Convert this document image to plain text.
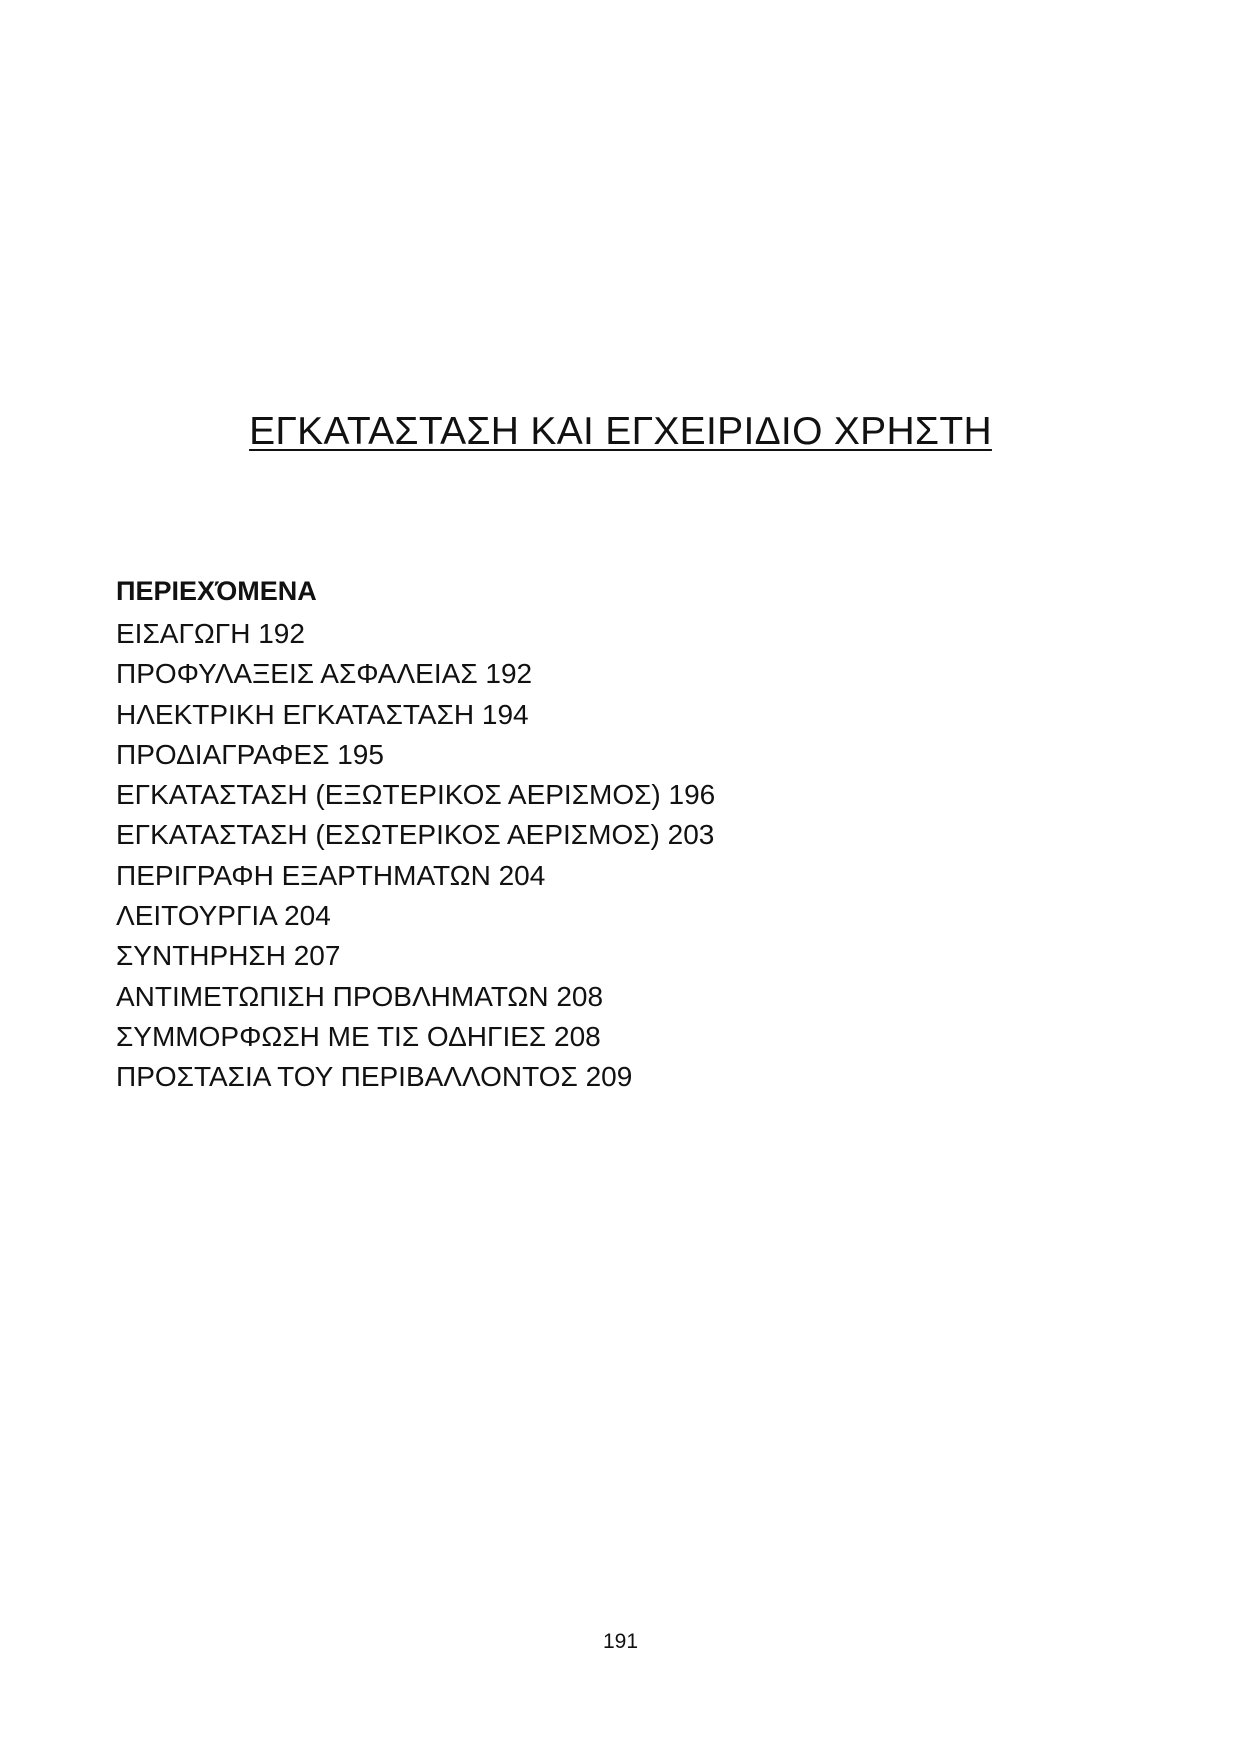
ΕΓΚΑΤΑΣΤΑΣΗ ΚΑΙ ΕΓΧΕΙΡΙΔΙΟ ΧΡΗΣΤΗ
ΠΕΡΙΕΧΌΜΕΝΑ
ΕΙΣΑΓΩΓΗ 192
ΠΡΟΦΥΛΑΞΕΙΣ ΑΣΦΑΛΕΙΑΣ 192
ΗΛΕΚΤΡΙΚΗ ΕΓΚΑΤΑΣΤΑΣΗ 194
ΠΡΟΔΙΑΓΡΑΦΕΣ 195
ΕΓΚΑΤΑΣΤΑΣΗ (ΕΞΩΤΕΡΙΚΟΣ ΑΕΡΙΣΜΟΣ) 196
ΕΓΚΑΤΑΣΤΑΣΗ (ΕΣΩΤΕΡΙΚΟΣ ΑΕΡΙΣΜΟΣ) 203
ΠΕΡΙΓΡΑΦΗ ΕΞΑΡΤΗΜΑΤΩΝ 204
ΛΕΙΤΟΥΡΓΙΑ 204
ΣΥΝΤΗΡΗΣΗ 207
ΑΝΤΙΜΕΤΩΠΙΣΗ ΠΡΟΒΛΗΜΑΤΩΝ 208
ΣΥΜΜΟΡΦΩΣΗ ΜΕ ΤΙΣ ΟΔΗΓΙΕΣ 208
ΠΡΟΣΤΑΣΙΑ ΤΟΥ ΠΕΡΙΒΑΛΛΟΝΤΟΣ 209
191
